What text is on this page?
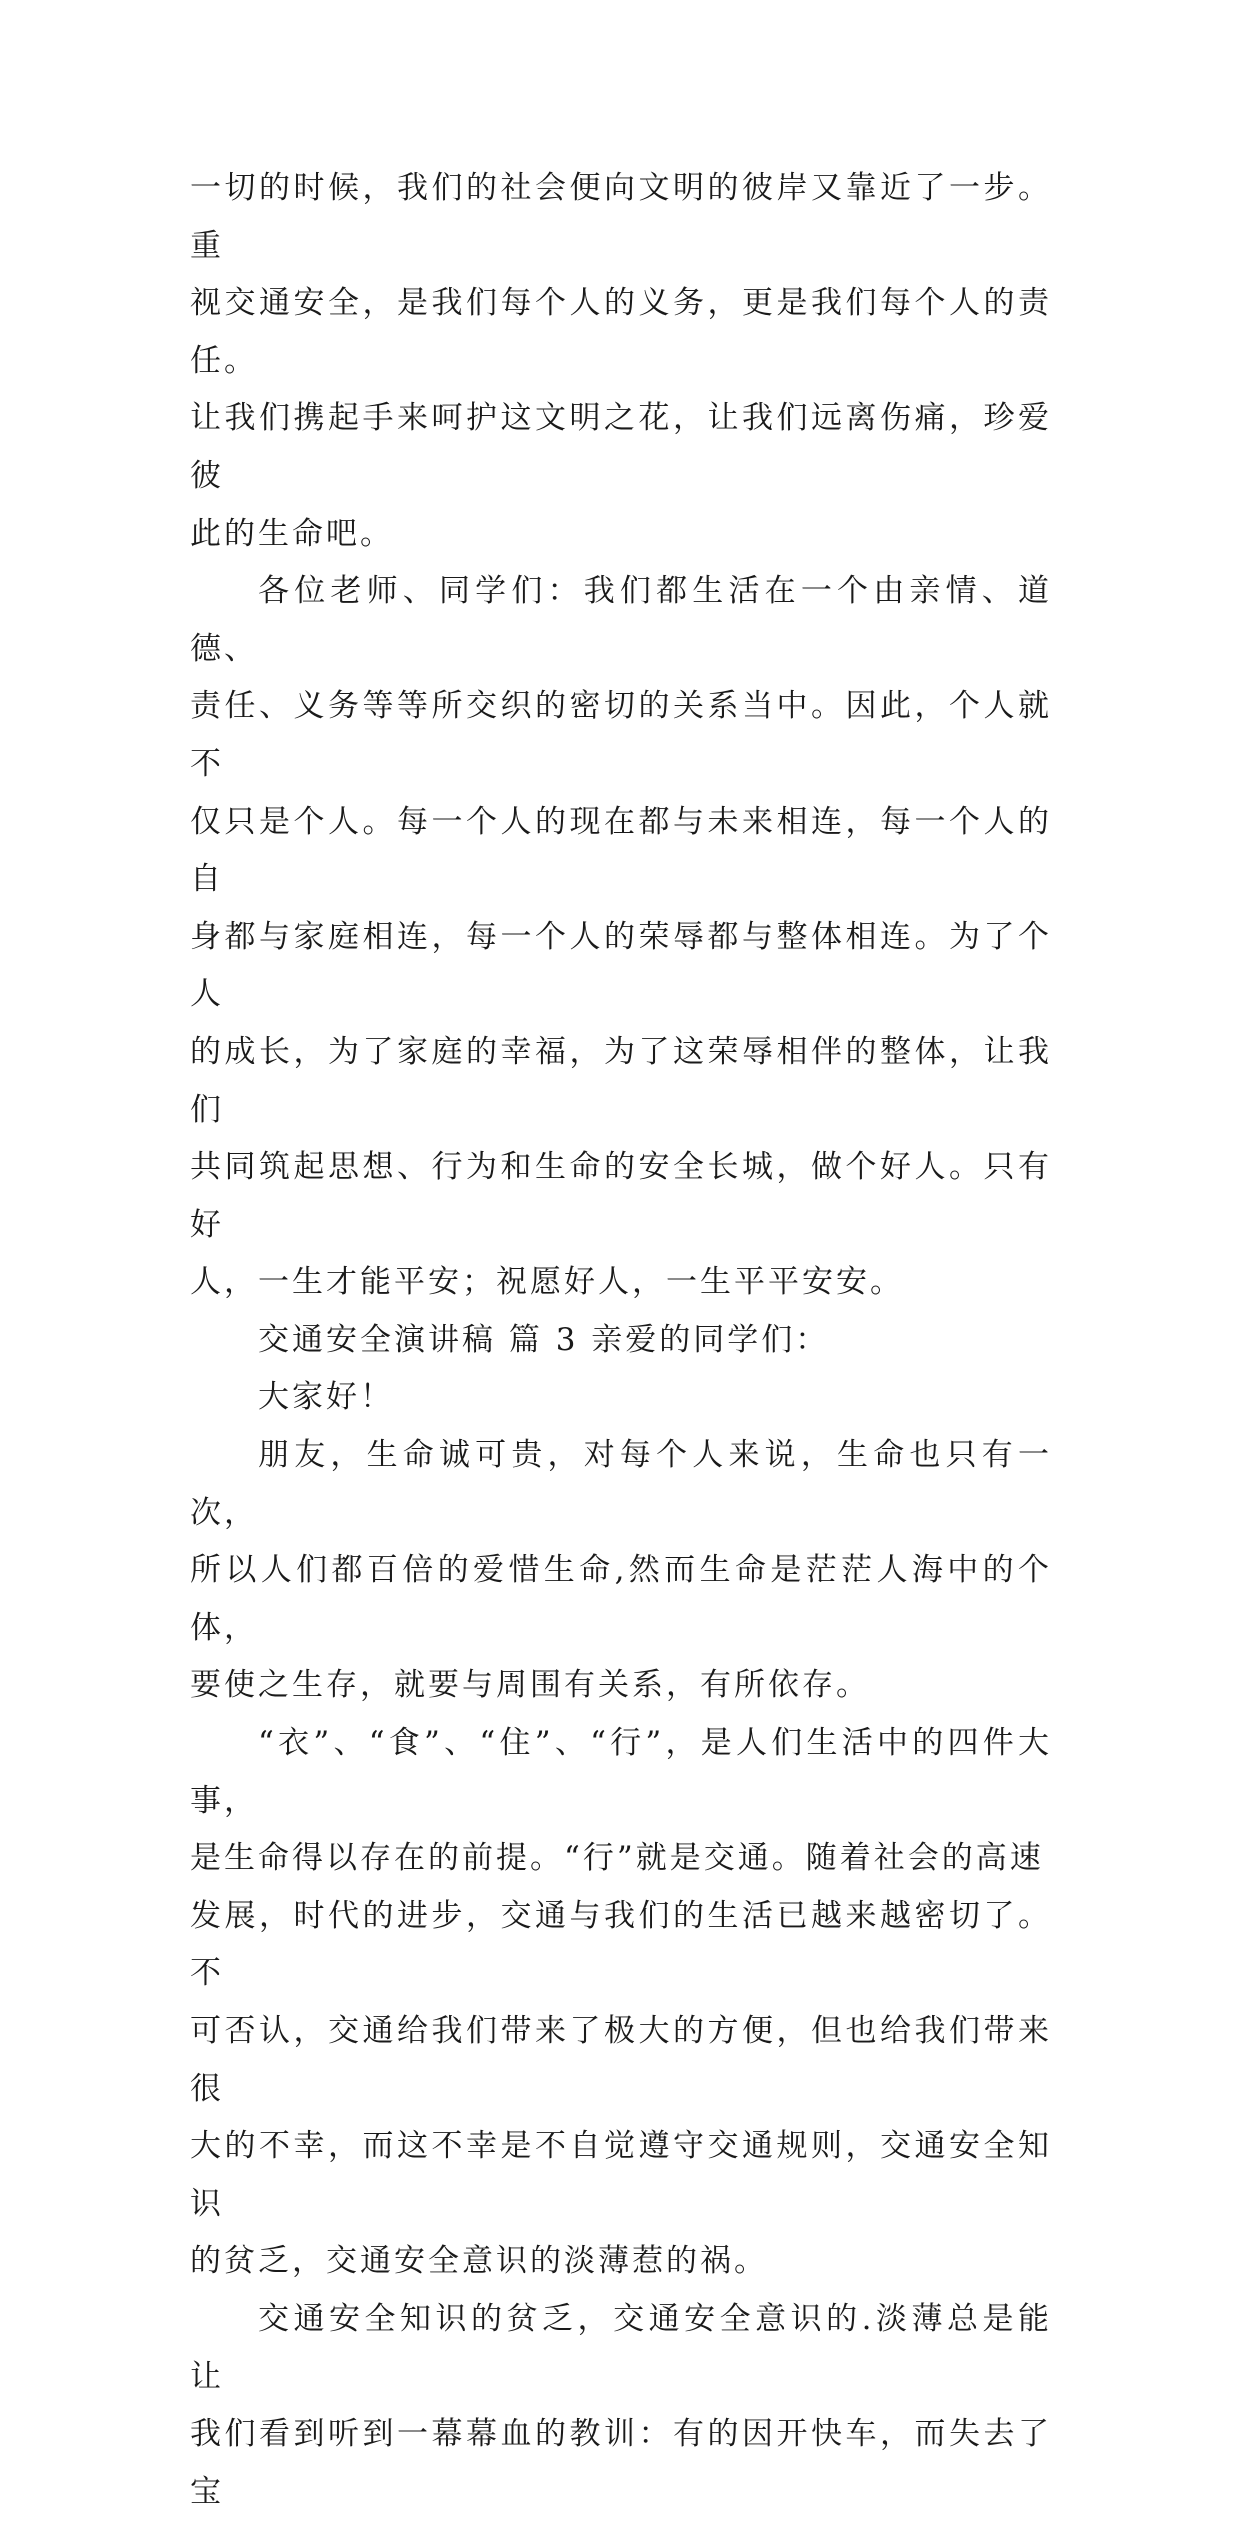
一切的时候，我们的社会便向文明的彼岸又靠近了一步。重
视交通安全，是我们每个人的义务，更是我们每个人的责任。
让我们携起手来呵护这文明之花，让我们远离伤痛，珍爱彼
此的生命吧。

各位老师、同学们：我们都生活在一个由亲情、道德、
责任、义务等等所交织的密切的关系当中。因此，个人就不
仅只是个人。每一个人的现在都与未来相连，每一个人的自
身都与家庭相连，每一个人的荣辱都与整体相连。为了个人
的成长，为了家庭的幸福，为了这荣辱相伴的整体，让我们
共同筑起思想、行为和生命的安全长城，做个好人。只有好
人，一生才能平安；祝愿好人，一生平平安安。

交通安全演讲稿 篇 3 亲爱的同学们：

大家好！

朋友，生命诚可贵，对每个人来说，生命也只有一次，
所以人们都百倍的爱惜生命,然而生命是茫茫人海中的个体，
要使之生存，就要与周围有关系，有所依存。

“衣”、“食”、“住”、“行”，是人们生活中的四件大事，
是生命得以存在的前提。“行”就是交通。随着社会的高速
发展，时代的进步，交通与我们的生活已越来越密切了。不
可否认，交通给我们带来了极大的方便，但也给我们带来很
大的不幸，而这不幸是不自觉遵守交通规则，交通安全知识
的贫乏，交通安全意识的淡薄惹的祸。

交通安全知识的贫乏，交通安全意识的.淡薄总是能让
我们看到听到一幕幕血的教训：有的因开快车，而失去了宝
